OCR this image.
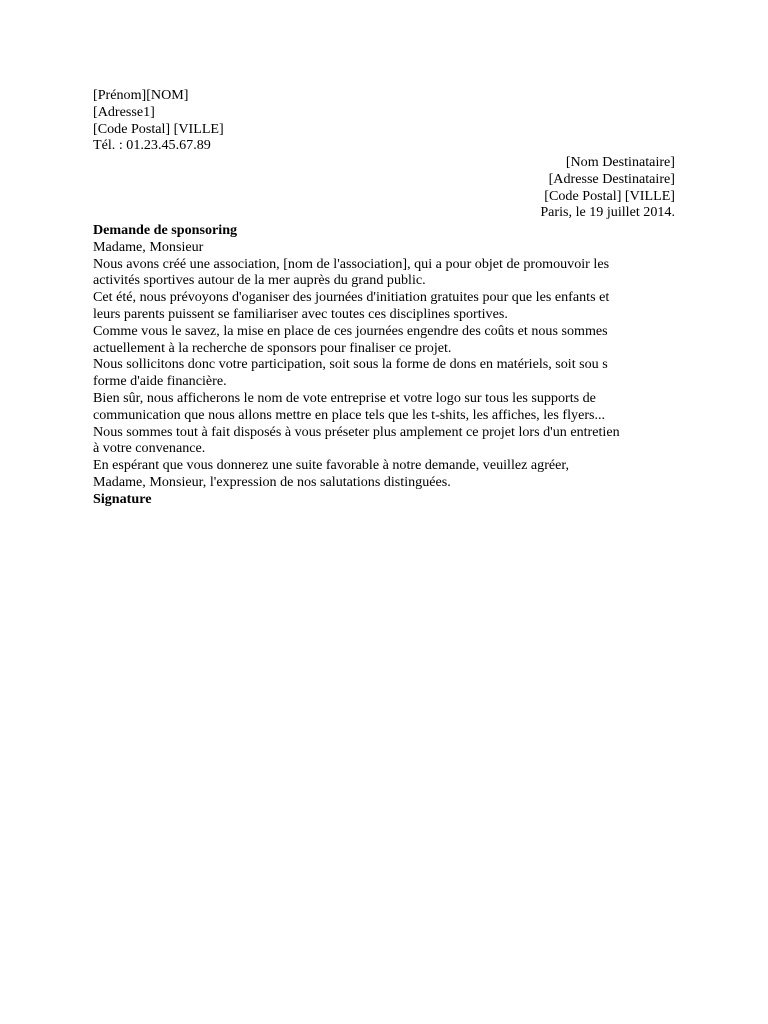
[Prénom][NOM]
[Adresse1]
[Code Postal] [VILLE]
Tél. : 01.23.45.67.89
[Nom Destinataire]
[Adresse Destinataire]
[Code Postal] [VILLE]
Paris, le 19 juillet 2014.
Demande de sponsoring
Madame, Monsieur
Nous avons créé une association, [nom de l'association], qui a pour objet de promouvoir les
activités sportives autour de la mer auprès du grand public.
Cet été, nous prévoyons d'oganiser des journées d'initiation gratuites pour que les enfants et
leurs parents puissent se familiariser avec toutes ces disciplines sportives.
Comme vous le savez, la mise en place de ces journées engendre des coûts et nous sommes
actuellement à la recherche de sponsors pour finaliser ce projet.
Nous sollicitons donc votre participation, soit sous la forme de dons en matériels, soit sou s
forme d'aide financière.
Bien sûr, nous afficherons le nom de vote entreprise et votre logo sur tous les supports de
communication que nous allons mettre en place tels que les t-shits, les affiches, les flyers...
Nous sommes tout à fait disposés à vous préseter plus amplement ce projet lors d'un entretien
à votre convenance.
En espérant que vous donnerez une suite favorable à notre demande, veuillez agréer,
Madame, Monsieur, l'expression de nos salutations distinguées.
Signature
